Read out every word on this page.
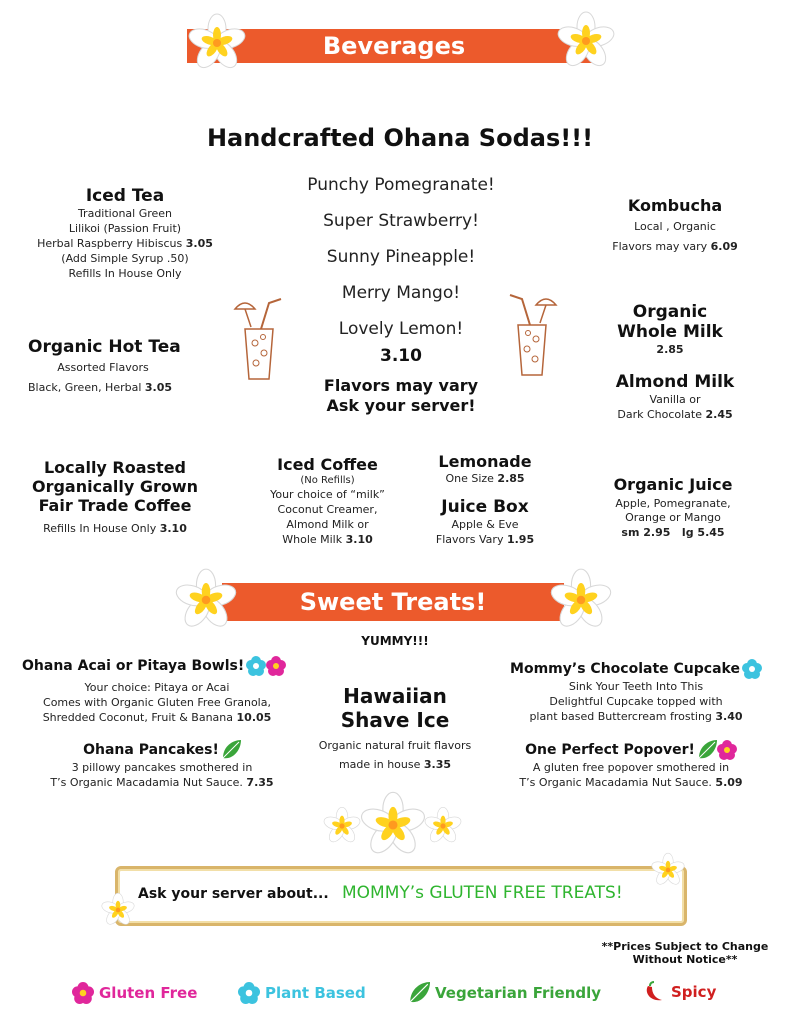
Beverages
Handcrafted Ohana Sodas!!!
Punchy Pomegranate!
Super Strawberry!
Sunny Pineapple!
Merry Mango!
Lovely Lemon!
3.10
Flavors may vary
Ask your server!
Iced Tea
Traditional Green
Lilikoi (Passion Fruit)
Herbal Raspberry Hibiscus 3.05
(Add Simple Syrup .50)
Refills In House Only
Organic Hot Tea
Assorted Flavors
Black, Green, Herbal 3.05
Kombucha
Local , Organic
Flavors may vary 6.09
Organic
Whole Milk
2.85
Almond Milk
Vanilla or
Dark Chocolate 2.45
Locally Roasted
Organically Grown
Fair Trade Coffee
Refills In House Only 3.10
Iced Coffee
(No Refills)
Your choice of “milk”
Coconut Creamer,
Almond Milk or
Whole Milk 3.10
Lemonade
One Size 2.85
Juice Box
Apple & Eve
Flavors Vary 1.95
Organic Juice
Apple, Pomegranate,
Orange or Mango
sm 2.95 lg 5.45
Sweet Treats!
YUMMY!!!
Ohana Acai or Pitaya Bowls!
Your choice: Pitaya or Acai
Comes with Organic Gluten Free Granola,
Shredded Coconut, Fruit & Banana 10.05
Ohana Pancakes!
3 pillowy pancakes smothered in
T’s Organic Macadamia Nut Sauce. 7.35
Hawaiian
Shave Ice
Organic natural fruit flavors
made in house 3.35
Mommy’s Chocolate Cupcake
Sink Your Teeth Into This
Delightful Cupcake topped with
plant based Buttercream frosting 3.40
One Perfect Popover!
A gluten free popover smothered in
T’s Organic Macadamia Nut Sauce. 5.09
Ask your server about... MOMMY’s GLUTEN FREE TREATS!
**Prices Subject to Change
Without Notice**
Gluten Free	Plant Based	Vegetarian Friendly	Spicy
